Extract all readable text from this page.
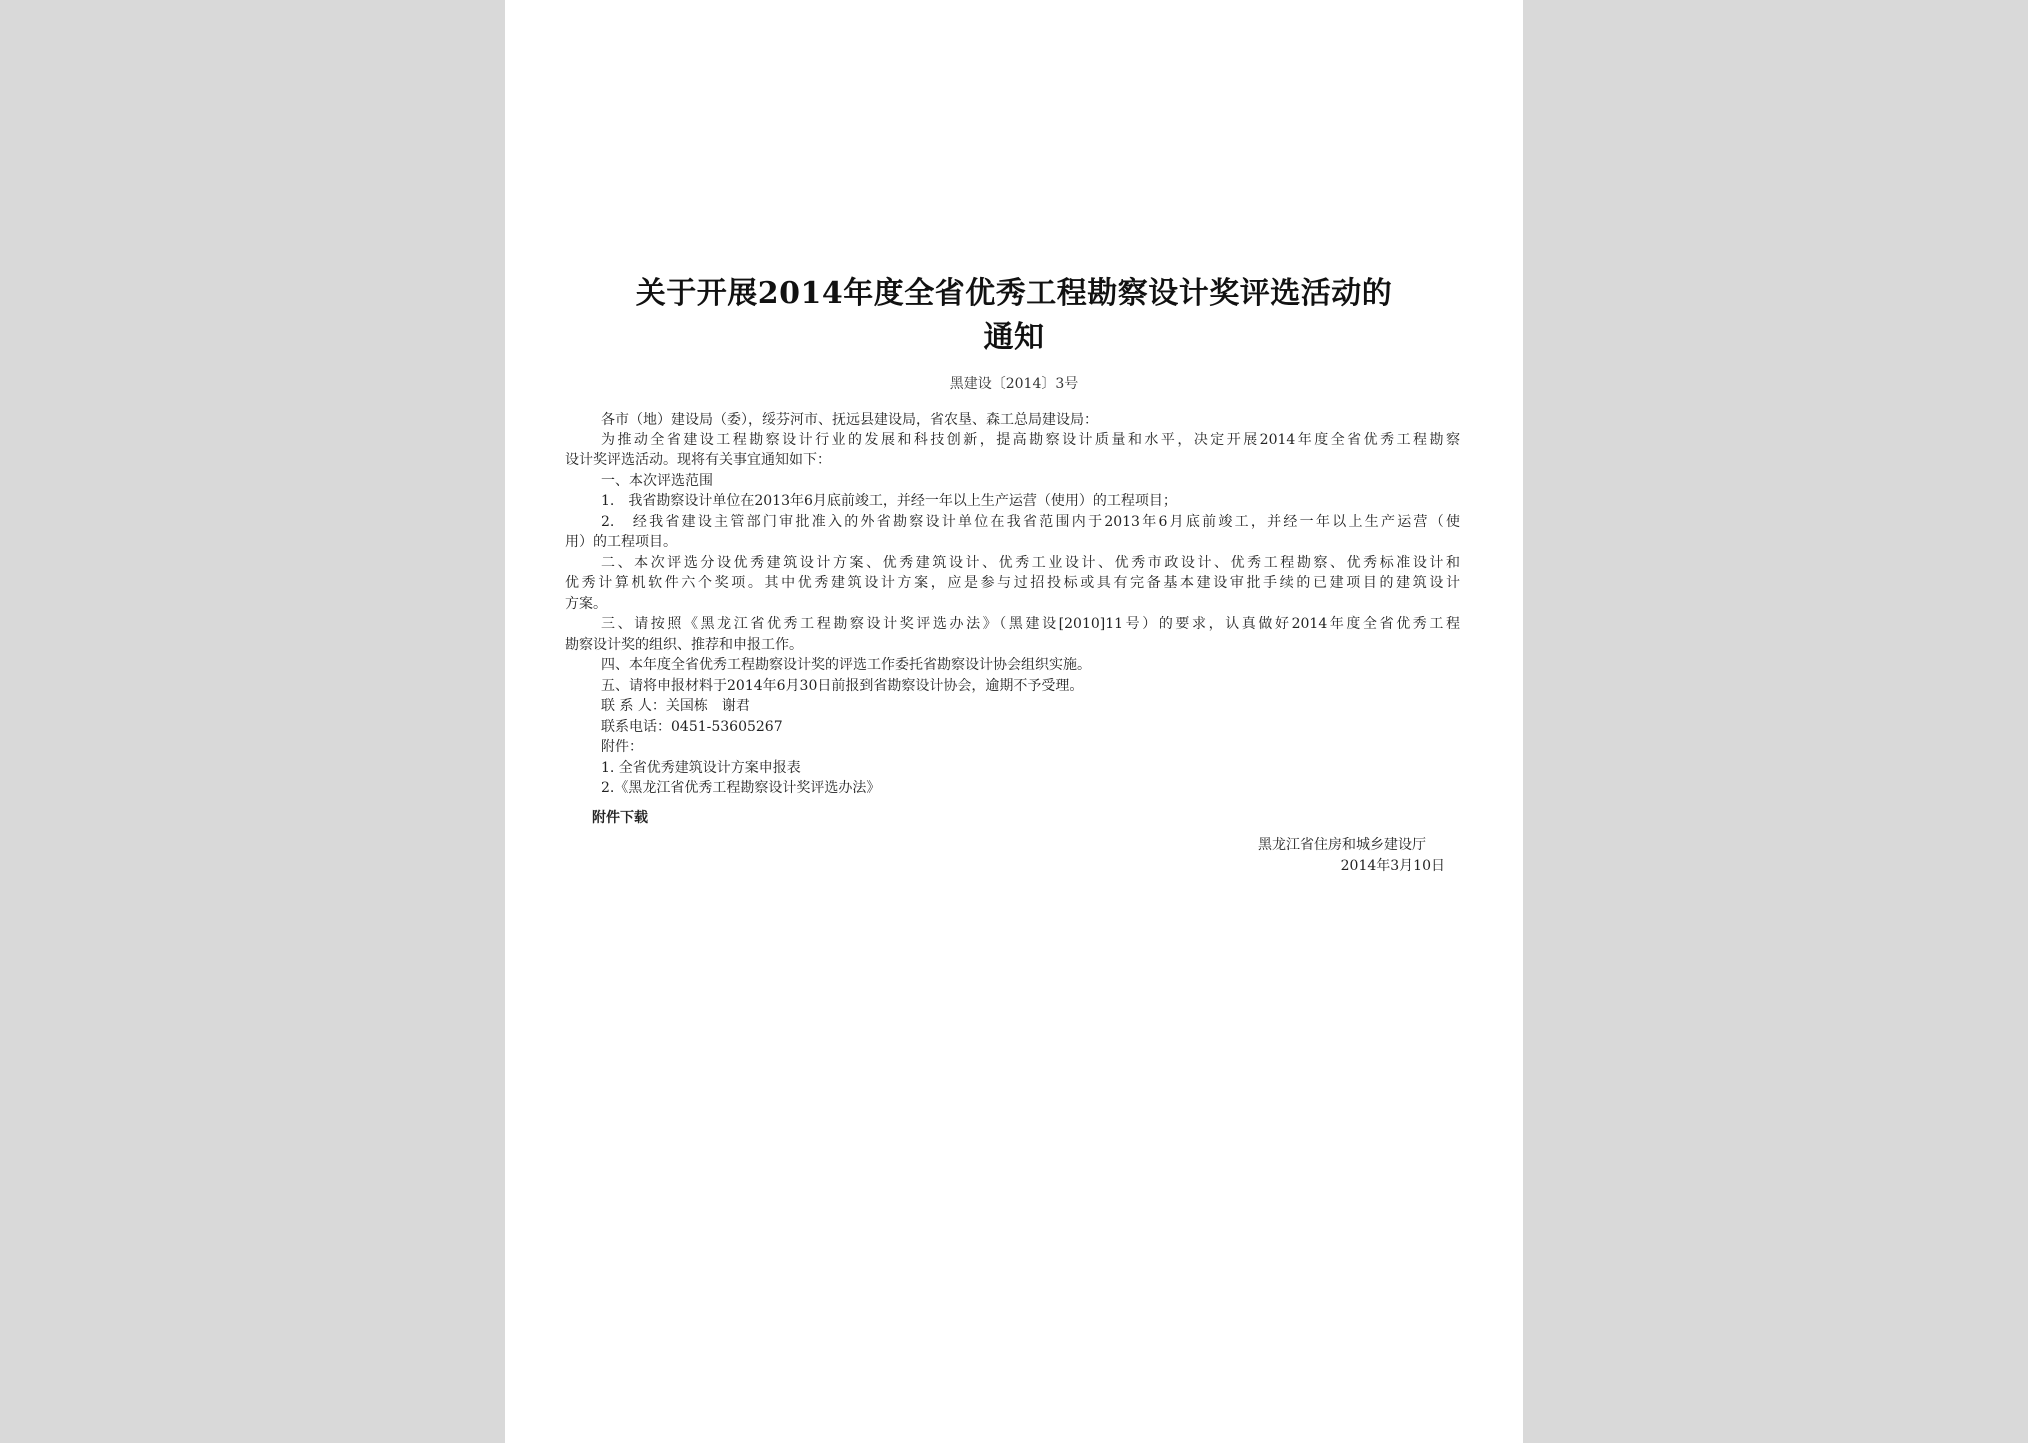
关于开展2014年度全省优秀工程勘察设计奖评选活动的
通知
黑建设〔2014〕3号
各市（地）建设局（委），绥芬河市、抚远县建设局，省农垦、森工总局建设局：
为推动全省建设工程勘察设计行业的发展和科技创新，提高勘察设计质量和水平，决定开展2014年度全省优秀工程勘察
设计奖评选活动。现将有关事宜通知如下：
一、本次评选范围
1.　我省勘察设计单位在2013年6月底前竣工，并经一年以上生产运营（使用）的工程项目；
2.　经我省建设主管部门审批准入的外省勘察设计单位在我省范围内于2013年6月底前竣工，并经一年以上生产运营（使
用）的工程项目。
二、本次评选分设优秀建筑设计方案、优秀建筑设计、优秀工业设计、优秀市政设计、优秀工程勘察、优秀标准设计和
优秀计算机软件六个奖项。其中优秀建筑设计方案，应是参与过招投标或具有完备基本建设审批手续的已建项目的建筑设计
方案。
三、请按照《黑龙江省优秀工程勘察设计奖评选办法》（黑建设[2010]11号）的要求，认真做好2014年度全省优秀工程
勘察设计奖的组织、推荐和申报工作。
四、本年度全省优秀工程勘察设计奖的评选工作委托省勘察设计协会组织实施。
五、请将申报材料于2014年6月30日前报到省勘察设计协会，逾期不予受理。
联 系 人：关国栋　谢君
联系电话：0451-53605267
附件：
1. 全省优秀建筑设计方案申报表
2.《黑龙江省优秀工程勘察设计奖评选办法》
附件下载
黑龙江省住房和城乡建设厅
2014年3月10日
